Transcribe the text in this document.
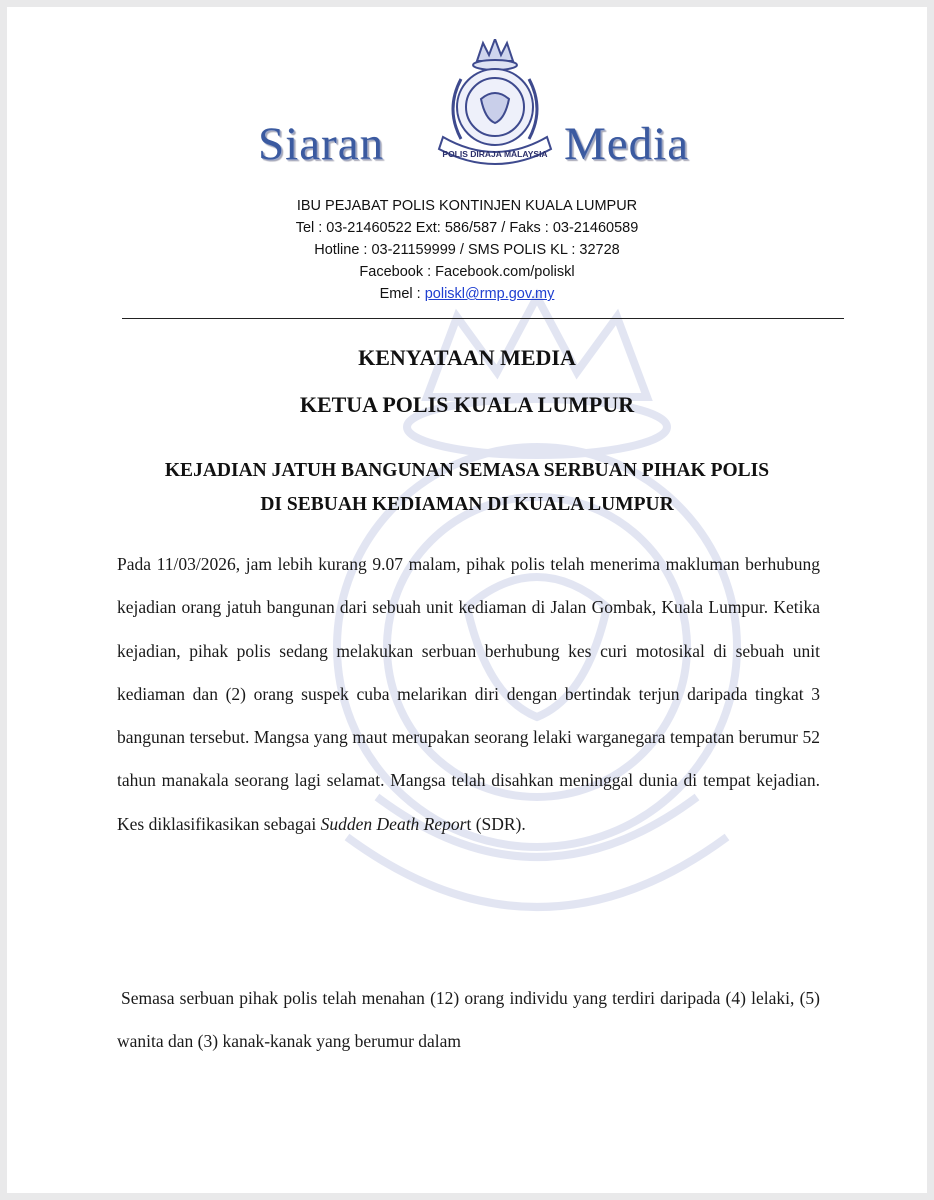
POLIS DIRAJA MALAYSIA
Siaran	Media
IBU PEJABAT POLIS KONTINJEN KUALA LUMPUR
Tel : 03-21460522 Ext: 586/587 / Faks : 03-21460589
Hotline : 03-21159999 / SMS POLIS KL : 32728
Facebook : Facebook.com/poliskl
Emel : poliskl@rmp.gov.my
KENYATAAN MEDIA
KETUA POLIS KUALA LUMPUR
KEJADIAN JATUH BANGUNAN SEMASA SERBUAN PIHAK POLIS
DI SEBUAH KEDIAMAN DI KUALA LUMPUR
Pada 11/03/2026, jam lebih kurang 9.07 malam, pihak polis telah menerima makluman berhubung kejadian orang jatuh bangunan dari sebuah unit kediaman di Jalan Gombak, Kuala Lumpur. Ketika kejadian, pihak polis sedang melakukan serbuan berhubung kes curi motosikal di sebuah unit kediaman dan (2) orang suspek cuba melarikan diri dengan bertindak terjun daripada tingkat 3 bangunan tersebut. Mangsa yang maut merupakan seorang lelaki warganegara tempatan berumur 52 tahun manakala seorang lagi selamat. Mangsa telah disahkan meninggal dunia di tempat kejadian. Kes diklasifikasikan sebagai Sudden Death Report (SDR).
Semasa serbuan pihak polis telah menahan (12) orang individu yang terdiri daripada (4) lelaki, (5) wanita dan (3) kanak-kanak yang berumur dalam
